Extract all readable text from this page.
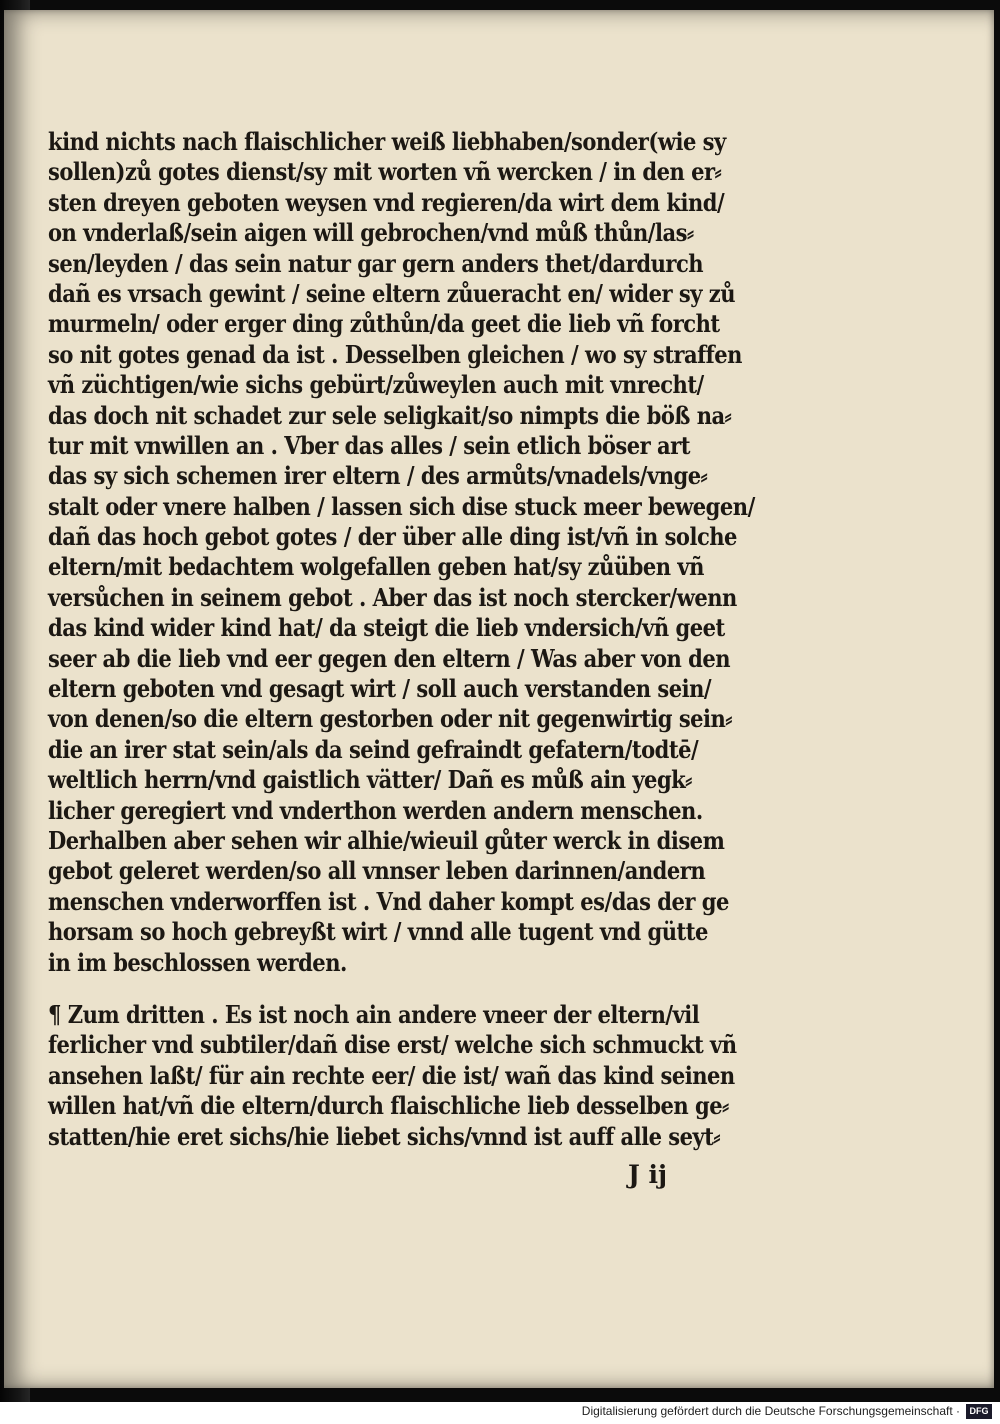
kind nichts nach flaischlicher weiß liebhaben/sonder(wie sy
sollen)zů gotes dienst/sy mit worten vñ wercken / in den er⸗
sten dreyen geboten weysen vnd regieren/da wirt dem kind/
on vnderlaß/sein aigen will gebrochen/vnd můß thůn/las⸗
sen/leyden / das sein natur gar gern anders thet/dardurch
dañ es vrsach gewint / seine eltern zůueracht en/ wider sy zů
murmeln/ oder erger ding zůthůn/da geet die lieb vñ forcht
so nit gotes genad da ist . Desselben gleichen / wo sy straffen
vñ züchtigen/wie sichs gebürt/zůweylen auch mit vnrecht/
das doch nit schadet zur sele seligkait/so nimpts die böß na⸗
tur mit vnwillen an . Vber das alles / sein etlich böser art
das sy sich schemen irer eltern / des armůts/vnadels/vnge⸗
stalt oder vnere halben / lassen sich dise stuck meer bewegen/
dañ das hoch gebot gotes / der über alle ding ist/vñ in solche
eltern/mit bedachtem wolgefallen geben hat/sy zůüben vñ
versůchen in seinem gebot . Aber das ist noch stercker/wenn
das kind wider kind hat/ da steigt die lieb vndersich/vñ geet
seer ab die lieb vnd eer gegen den eltern / Was aber von den
eltern geboten vnd gesagt wirt / soll auch verstanden sein/
von denen/so die eltern gestorben oder nit gegenwirtig sein⸗
die an irer stat sein/als da seind gefraindt gefatern/todtē/
weltlich herrn/vnd gaistlich vätter/ Dañ es můß ain yegk⸗
licher geregiert vnd vnderthon werden andern menschen.
Derhalben aber sehen wir alhie/wieuil gůter werck in disem
gebot geleret werden/so all vnnser leben darinnen/andern
menschen vnderworffen ist . Vnd daher kompt es/das der ge
horsam so hoch gebreyßt wirt / vnnd alle tugent vnd gütte
in im beschlossen werden.
¶ Zum dritten . Es ist noch ain andere vneer der eltern/vil
ferlicher vnd subtiler/dañ dise erst/ welche sich schmuckt vñ
ansehen laßt/ für ain rechte eer/ die ist/ wañ das kind seinen
willen hat/vñ die eltern/durch flaischliche lieb desselben ge⸗
statten/hie eret sichs/hie liebet sichs/vnnd ist auff alle seyt⸗
J ij
Digitalisierung gefördert durch die Deutsche Forschungsgemeinschaft ·	DFG
